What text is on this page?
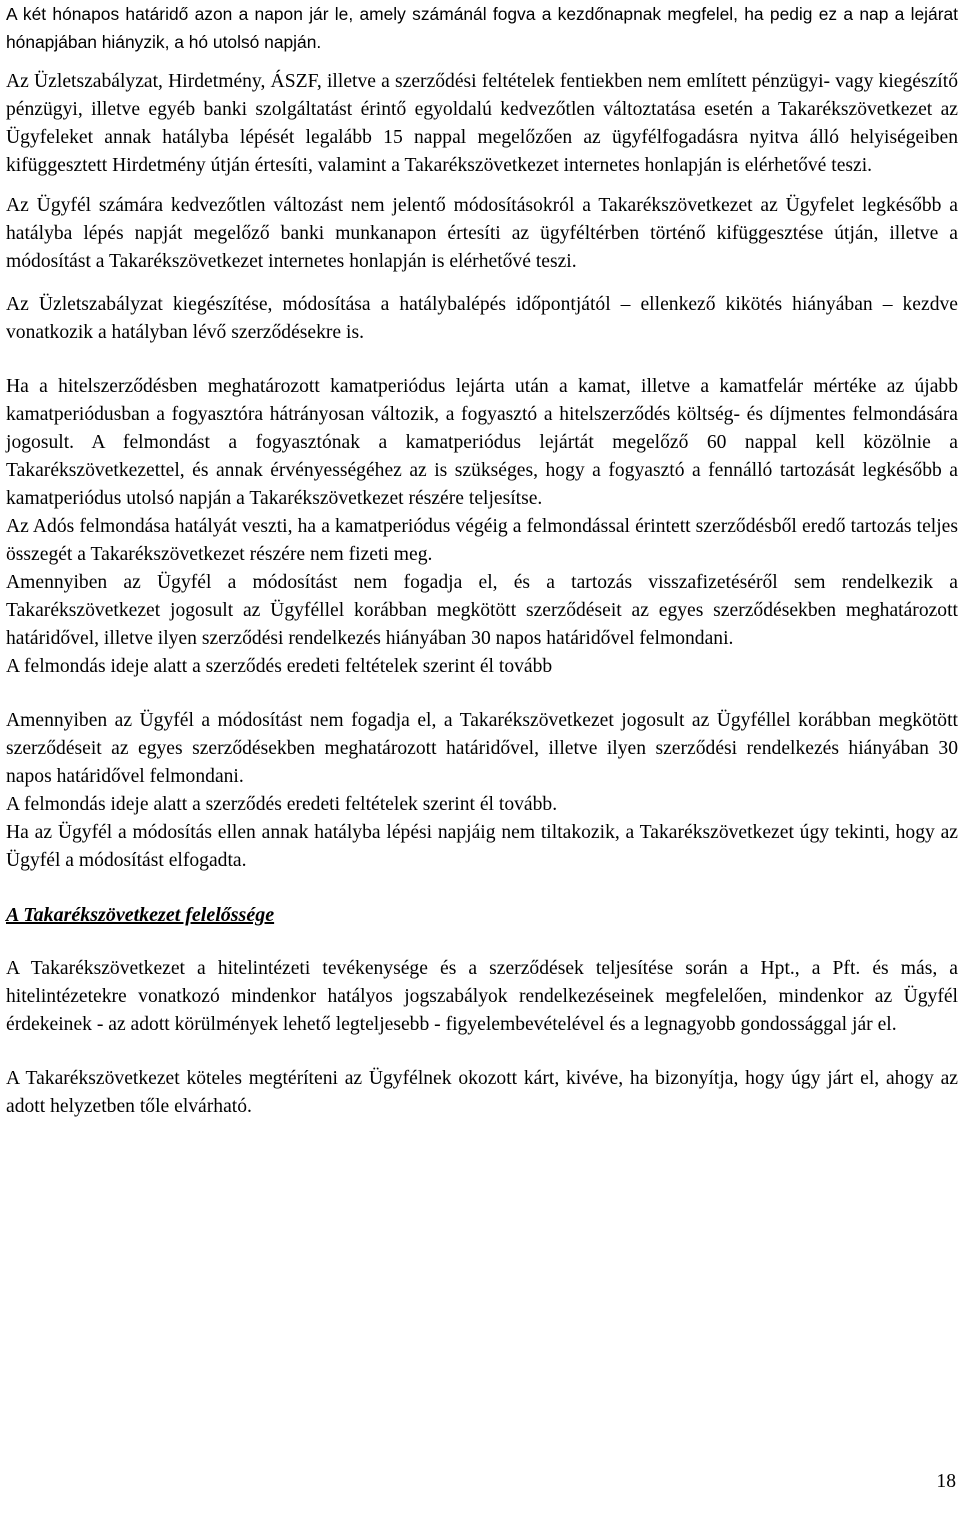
A két hónapos határidő azon a napon jár le, amely számánál fogva a kezdőnapnak megfelel, ha pedig ez a nap a lejárat hónapjában hiányzik, a hó utolsó napján.

Az Üzletszabályzat, Hirdetmény, ÁSZF, illetve a szerződési feltételek fentiekben nem említett pénzügyi- vagy kiegészítő pénzügyi, illetve egyéb banki szolgáltatást érintő egyoldalú kedvezőtlen változtatása esetén a Takarékszövetkezet az Ügyfeleket annak hatályba lépését legalább 15 nappal megelőzően az ügyfélfogadásra nyitva álló helyiségeiben kifüggesztett Hirdetmény útján értesíti, valamint a Takarékszövetkezet internetes honlapján is elérhetővé teszi.

Az Ügyfél számára kedvezőtlen változást nem jelentő módosításokról a Takarékszövetkezet az Ügyfelet legkésőbb a hatályba lépés napját megelőző banki munkanapon értesíti az ügyféltérben történő kifüggesztése útján, illetve a módosítást a Takarékszövetkezet internetes honlapján is elérhetővé teszi.

Az Üzletszabályzat kiegészítése, módosítása a hatálybalépés időpontjától – ellenkező kikötés hiányában – kezdve vonatkozik a hatályban lévő szerződésekre is.

Ha a hitelszerződésben meghatározott kamatperiódus lejárta után a kamat, illetve a kamatfelár mértéke az újabb kamatperiódusban a fogyasztóra hátrányosan változik, a fogyasztó a hitelszerződés költség- és díjmentes felmondására jogosult. A felmondást a fogyasztónak a kamatperiódus lejártát megelőző 60 nappal kell közölnie a Takarékszövetkezettel, és annak érvényességéhez az is szükséges, hogy a fogyasztó a fennálló tartozását legkésőbb a kamatperiódus utolsó napján a Takarékszövetkezet részére teljesítse.

Az Adós felmondása hatályát veszti, ha a kamatperiódus végéig a felmondással érintett szerződésből eredő tartozás teljes összegét a Takarékszövetkezet részére nem fizeti meg.

Amennyiben az Ügyfél a módosítást nem fogadja el, és a tartozás visszafizetéséről sem rendelkezik a Takarékszövetkezet jogosult az Ügyféllel korábban megkötött szerződéseit az egyes szerződésekben meghatározott határidővel, illetve ilyen szerződési rendelkezés hiányában 30 napos határidővel felmondani.

A felmondás ideje alatt a szerződés eredeti feltételek szerint él tovább

Amennyiben az Ügyfél a módosítást nem fogadja el, a Takarékszövetkezet jogosult az Ügyféllel korábban megkötött szerződéseit az egyes szerződésekben meghatározott határidővel, illetve ilyen szerződési rendelkezés hiányában 30 napos határidővel felmondani.

A felmondás ideje alatt a szerződés eredeti feltételek szerint él tovább.

Ha az Ügyfél a módosítás ellen annak hatályba lépési napjáig nem tiltakozik, a Takarékszövetkezet úgy tekinti, hogy az Ügyfél a módosítást elfogadta.

A Takarékszövetkezet felelőssége

A Takarékszövetkezet a hitelintézeti tevékenysége és a szerződések teljesítése során a Hpt., a Pft. és más, a hitelintézetekre vonatkozó mindenkor hatályos jogszabályok rendelkezéseinek megfelelően, mindenkor az Ügyfél érdekeinek - az adott körülmények lehető legteljesebb - figyelembevételével és a legnagyobb gondossággal jár el.

A Takarékszövetkezet köteles megtéríteni az Ügyfélnek okozott kárt, kivéve, ha bizonyítja, hogy úgy járt el, ahogy az adott helyzetben tőle elvárható.

18
